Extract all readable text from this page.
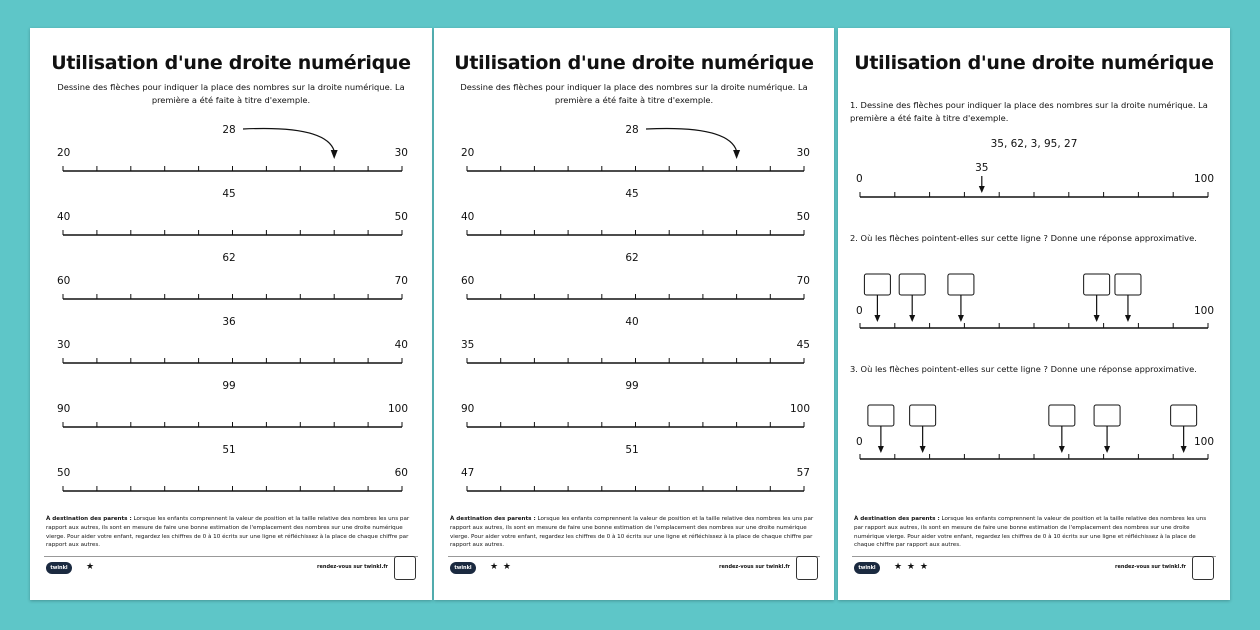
Utilisation d'une droite numérique
Dessine des flèches pour indiquer la place des nombres sur la droite numérique. La première a été faite à titre d'exemple.
28
20	30
45
40	50
62
60	70
36
30	40
99
90	100
51
50	60
À destination des parents : Lorsque les enfants comprennent la valeur de position et la taille relative des nombres les uns par rapport aux autres, ils sont en mesure de faire une bonne estimation de l'emplacement des nombres sur une droite numérique vierge. Pour aider votre enfant, regardez les chiffres de 0 à 10 écrits sur une ligne et réfléchissez à la place de chaque chiffre par rapport aux autres.
twinkl	★	rendez-vous sur twinkl.fr
Utilisation d'une droite numérique
Dessine des flèches pour indiquer la place des nombres sur la droite numérique. La première a été faite à titre d'exemple.
28
20	30
45
40	50
62
60	70
40
35	45
99
90	100
51
47	57
À destination des parents : Lorsque les enfants comprennent la valeur de position et la taille relative des nombres les uns par rapport aux autres, ils sont en mesure de faire une bonne estimation de l'emplacement des nombres sur une droite numérique vierge. Pour aider votre enfant, regardez les chiffres de 0 à 10 écrits sur une ligne et réfléchissez à la place de chaque chiffre par rapport aux autres.
twinkl	★ ★	rendez-vous sur twinkl.fr
Utilisation d'une droite numérique
1. Dessine des flèches pour indiquer la place des nombres sur la droite numérique. La première a été faite à titre d'exemple.
35, 62, 3, 95, 27
2. Où les flèches pointent-elles sur cette ligne ? Donne une réponse approximative.
3. Où les flèches pointent-elles sur cette ligne ? Donne une réponse approximative.
0	100
35
0	100
0	100
À destination des parents : Lorsque les enfants comprennent la valeur de position et la taille relative des nombres les uns par rapport aux autres, ils sont en mesure de faire une bonne estimation de l'emplacement des nombres sur une droite numérique vierge. Pour aider votre enfant, regardez les chiffres de 0 à 10 écrits sur une ligne et réfléchissez à la place de chaque chiffre par rapport aux autres.
twinkl	★ ★ ★	rendez-vous sur twinkl.fr
